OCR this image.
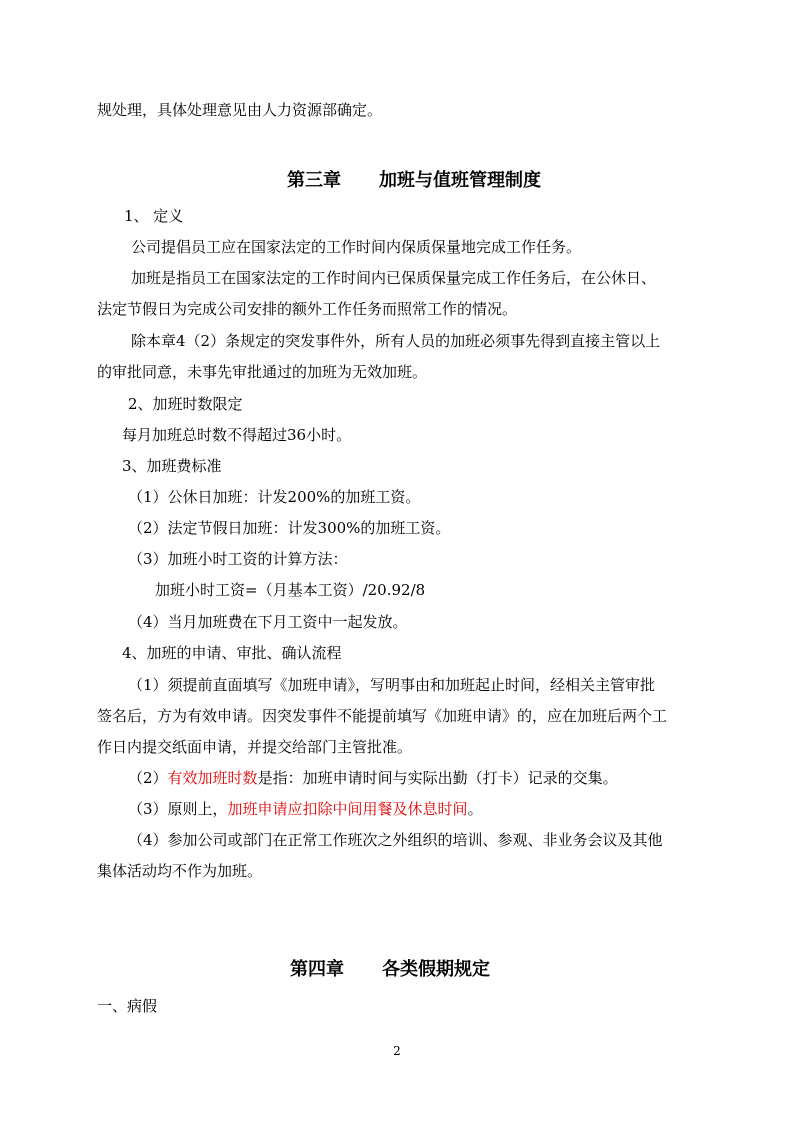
规处理，具体处理意见由人力资源部确定。
第三章 加班与值班管理制度
1、 定义
公司提倡员工应在国家法定的工作时间内保质保量地完成工作任务。
加班是指员工在国家法定的工作时间内已保质保量完成工作任务后，在公休日、
法定节假日为完成公司安排的额外工作任务而照常工作的情况。
除本章4（2）条规定的突发事件外，所有人员的加班必须事先得到直接主管以上
的审批同意，未事先审批通过的加班为无效加班。
2、加班时数限定
每月加班总时数不得超过36小时。
3、加班费标准
（1）公休日加班：计发200%的加班工资。
（2）法定节假日加班：计发300%的加班工资。
（3）加班小时工资的计算方法：
加班小时工资=（月基本工资）/20.92/8
（4）当月加班费在下月工资中一起发放。
4、加班的申请、审批、确认流程
（1）须提前直面填写《加班申请》，写明事由和加班起止时间，经相关主管审批
签名后，方为有效申请。因突发事件不能提前填写《加班申请》的，应在加班后两个工
作日内提交纸面申请，并提交给部门主管批准。
（2）有效加班时数是指：加班申请时间与实际出勤（打卡）记录的交集。
（3）原则上，加班申请应扣除中间用餐及休息时间。
（4）参加公司或部门在正常工作班次之外组织的培训、参观、非业务会议及其他
集体活动均不作为加班。
第四章 各类假期规定
一、病假
2
